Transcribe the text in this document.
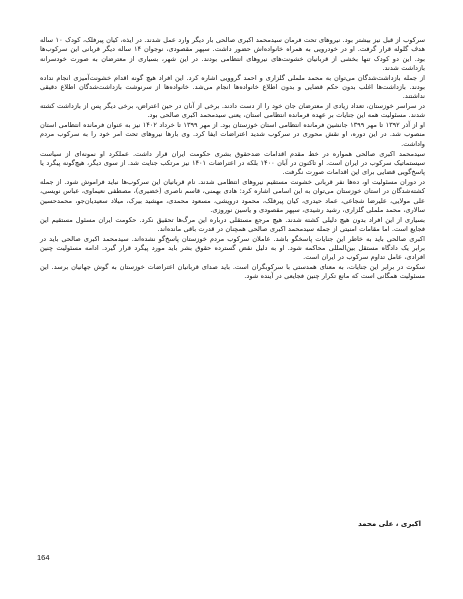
سرکوب از قبل نیز بیشتر بود. نیروهای تحت فرمان سیدمحمد اکبری صالحی بار دیگر وارد عمل شدند. در ایذه، کیان پیرفلک، کودک ۱۰ ساله هدف گلوله قرار گرفت. او در خودرویی به همراه خانواده‌اش حضور داشت. سپهر مقصودی، نوجوان ۱۴ ساله دیگر قربانی این سرکوب‌ها بود. این دو کودک تنها بخشی از قربانیان خشونت‌های نیروهای انتظامی بودند. در این شهر، بسیاری از معترضان به صورت خودسرانه بازداشت شدند.

از جمله بازداشت‌شدگان می‌توان به محمد ململی گلزاری و احمد گروویی اشاره کرد. این افراد هیچ گونه اقدام خشونت‌آمیزی انجام نداده بودند. بازداشت‌ها اغلب بدون حکم قضایی و بدون اطلاع خانواده‌ها انجام می‌شد. خانواده‌ها از سرنوشت بازداشت‌شدگان اطلاع دقیقی نداشتند.

در سراسر خوزستان، تعداد زیادی از معترضان جان خود را از دست دادند. برخی از آنان در حین اعتراض، برخی دیگر پس از بازداشت کشته شدند. مسئولیت همه این جنایات بر عهده فرمانده انتظامی استان، یعنی سیدمحمد اکبری صالحی بود.

او از آذر ۱۳۹۲ تا مهر ۱۳۹۹ جانشین فرمانده انتظامی استان خوزستان بود. از مهر ۱۳۹۹ تا خرداد ۱۴۰۲ نیز به عنوان فرمانده انتظامی استان منصوب شد. در این دوره، او نقش محوری در سرکوب شدید اعتراضات ایفا کرد. وی بارها نیروهای تحت امر خود را به سرکوب مردم واداشت.

سیدمحمد اکبری صالحی همواره در خط مقدم اقدامات ضدحقوق بشری حکومت ایران قرار داشت. عملکرد او نمونه‌ای از سیاست سیستماتیک سرکوب در ایران است. او تاکنون در آبان ۱۴۰۰ بلکه در اعتراضات ۱۴۰۱ نیز مرتکب جنایت شد. از سوی دیگر، هیچ‌گونه پیگرد یا پاسخ‌گویی قضایی برای این اقدامات صورت نگرفت.

در دوران مسئولیت او، ده‌ها نفر قربانی خشونت مستقیم نیروهای انتظامی شدند. نام قربانیان این سرکوب‌ها نباید فراموش شود. از جمله کشته‌شدگان در استان خوزستان می‌توان به این اسامی اشاره کرد: هادی بهمنی، قاسم ناصری (خضیری)، مصطفی نعیماوی، عباس نویسی، علی مولایی، علیرضا شجاعی، عماد حیدری، کیان پیرفلک، محمود درویشی، مسعود محمدی، مهشید بیرک، میلاد سعیدیان‌جو، محمدحسین سالاری، محمد ململی گلزاری، رشید رشیدی، سپهر مقصودی و یاسین نوروزی.

بسیاری از این افراد بدون هیچ دلیلی کشته شدند. هیچ مرجع مستقلی درباره این مرگ‌ها تحقیق نکرد. حکومت ایران مسئول مستقیم این فجایع است. اما مقامات امنیتی از جمله سیدمحمد اکبری صالحی همچنان در قدرت باقی مانده‌اند.

اکبری صالحی باید به خاطر این جنایات پاسخگو باشد. عاملان سرکوب مردم خوزستان پاسخ‌گو نشده‌اند. سیدمحمد اکبری صالحی باید در برابر یک دادگاه مستقل بین‌المللی محاکمه شود. او به دلیل نقض گسترده حقوق بشر باید مورد پیگرد قرار گیرد. ادامه مسئولیت چنین افرادی، عامل تداوم سرکوب در ایران است.

سکوت در برابر این جنایات، به معنای همدستی با سرکوبگران است. باید صدای قربانیان اعتراضات خوزستان به گوش جهانیان برسد. این مسئولیت همگانی است که مانع تکرار چنین فجایعی در آینده شود.

اکبری ، علی محمد
164
